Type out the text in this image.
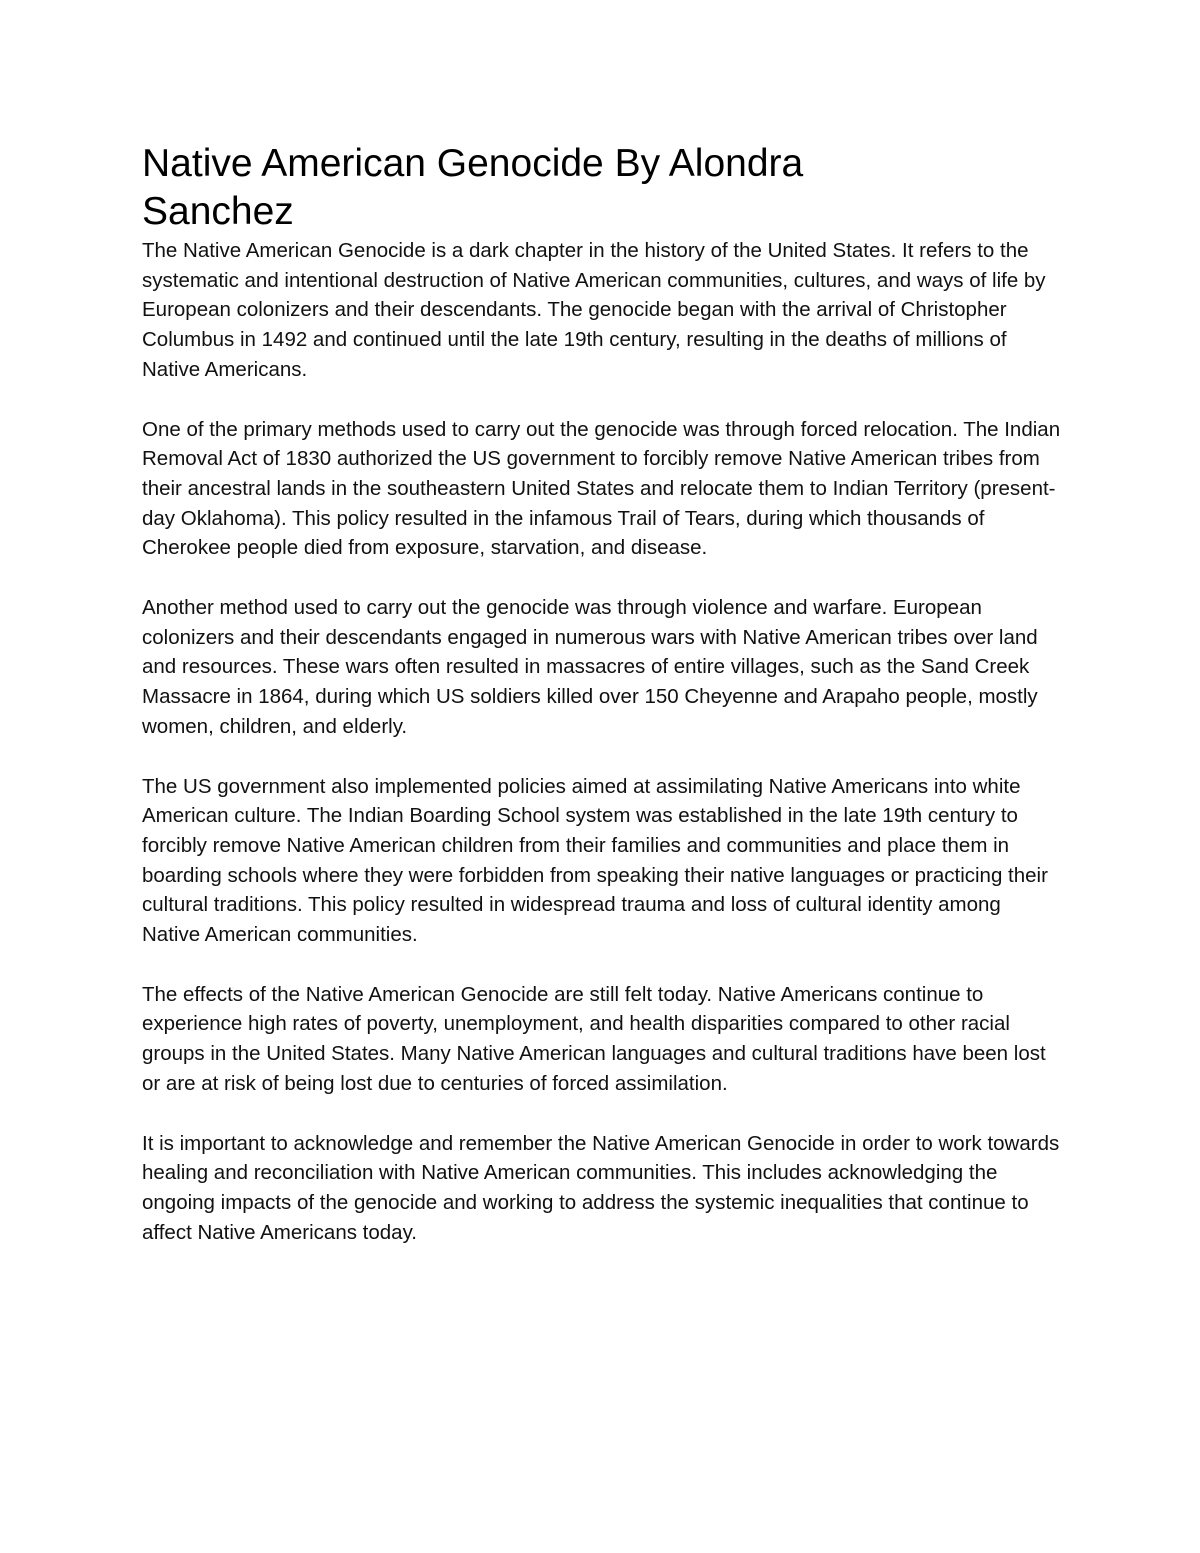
Native American Genocide By Alondra Sanchez

The Native American Genocide is a dark chapter in the history of the United States. It refers to the systematic and intentional destruction of Native American communities, cultures, and ways of life by European colonizers and their descendants. The genocide began with the arrival of Christopher Columbus in 1492 and continued until the late 19th century, resulting in the deaths of millions of Native Americans.

One of the primary methods used to carry out the genocide was through forced relocation. The Indian Removal Act of 1830 authorized the US government to forcibly remove Native American tribes from their ancestral lands in the southeastern United States and relocate them to Indian Territory (present-day Oklahoma). This policy resulted in the infamous Trail of Tears, during which thousands of Cherokee people died from exposure, starvation, and disease.

Another method used to carry out the genocide was through violence and warfare. European colonizers and their descendants engaged in numerous wars with Native American tribes over land and resources. These wars often resulted in massacres of entire villages, such as the Sand Creek Massacre in 1864, during which US soldiers killed over 150 Cheyenne and Arapaho people, mostly women, children, and elderly.

The US government also implemented policies aimed at assimilating Native Americans into white American culture. The Indian Boarding School system was established in the late 19th century to forcibly remove Native American children from their families and communities and place them in boarding schools where they were forbidden from speaking their native languages or practicing their cultural traditions. This policy resulted in widespread trauma and loss of cultural identity among Native American communities.

The effects of the Native American Genocide are still felt today. Native Americans continue to experience high rates of poverty, unemployment, and health disparities compared to other racial groups in the United States. Many Native American languages and cultural traditions have been lost or are at risk of being lost due to centuries of forced assimilation.

It is important to acknowledge and remember the Native American Genocide in order to work towards healing and reconciliation with Native American communities. This includes acknowledging the ongoing impacts of the genocide and working to address the systemic inequalities that continue to affect Native Americans today.
